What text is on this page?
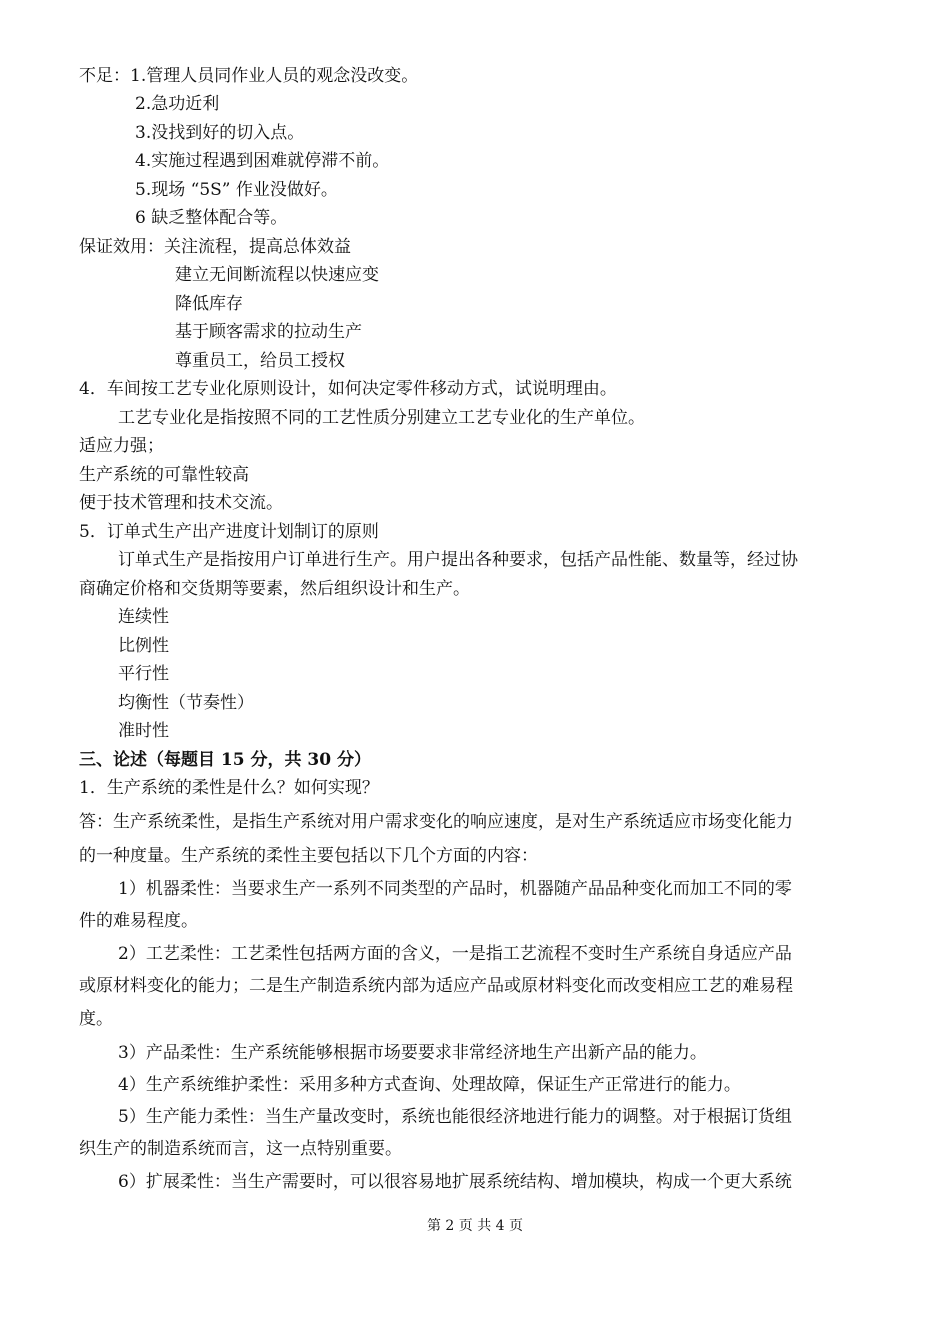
不足：1.管理人员同作业人员的观念没改变。
2.急功近利
3.没找到好的切入点。
4.实施过程遇到困难就停滞不前。
5.现场 “5S” 作业没做好。
6 缺乏整体配合等。
保证效用：关注流程，提高总体效益
建立无间断流程以快速应变
降低库存
基于顾客需求的拉动生产
尊重员工，给员工授权
4．车间按工艺专业化原则设计，如何决定零件移动方式，试说明理由。
工艺专业化是指按照不同的工艺性质分别建立工艺专业化的生产单位。
适应力强；
生产系统的可靠性较高
便于技术管理和技术交流。
5．订单式生产出产进度计划制订的原则
订单式生产是指按用户订单进行生产。用户提出各种要求，包括产品性能、数量等，经过协
商确定价格和交货期等要素，然后组织设计和生产。
连续性
比例性
平行性
均衡性（节奏性）
准时性
三、论述（每题目 15 分，共 30 分）
1．生产系统的柔性是什么？如何实现？
答：生产系统柔性，是指生产系统对用户需求变化的响应速度，是对生产系统适应市场变化能力
的一种度量。生产系统的柔性主要包括以下几个方面的内容：
1）机器柔性：当要求生产一系列不同类型的产品时，机器随产品品种变化而加工不同的零
件的难易程度。
2）工艺柔性：工艺柔性包括两方面的含义，一是指工艺流程不变时生产系统自身适应产品
或原材料变化的能力；二是生产制造系统内部为适应产品或原材料变化而改变相应工艺的难易程
度。
3）产品柔性：生产系统能够根据市场要要求非常经济地生产出新产品的能力。
4）生产系统维护柔性：采用多种方式查询、处理故障，保证生产正常进行的能力。
5）生产能力柔性：当生产量改变时，系统也能很经济地进行能力的调整。对于根据订货组
织生产的制造系统而言，这一点特别重要。
6）扩展柔性：当生产需要时，可以很容易地扩展系统结构、增加模块，构成一个更大系统
第 2 页 共 4 页
